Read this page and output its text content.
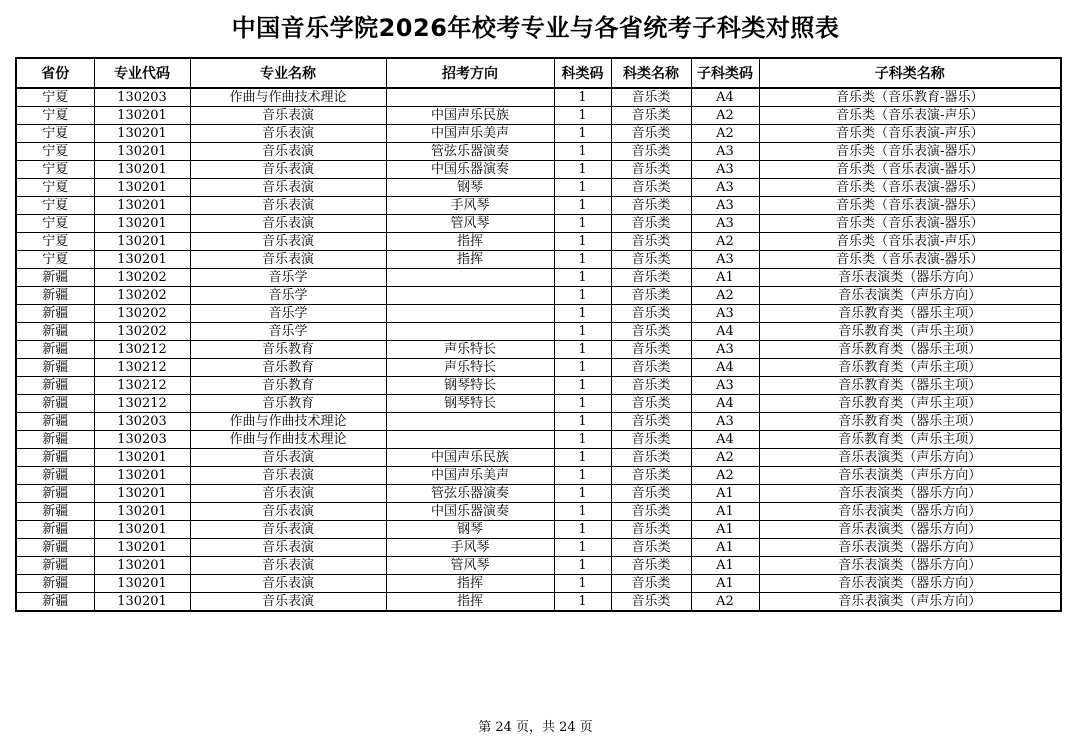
中国音乐学院2026年校考专业与各省统考子科类对照表
省份	专业代码	专业名称	招考方向	科类码	科类名称	子科类码	子科类名称
宁夏	130203	作曲与作曲技术理论		1	音乐类	A4	音乐类（音乐教育-器乐）
宁夏	130201	音乐表演	中国声乐民族	1	音乐类	A2	音乐类（音乐表演-声乐）
宁夏	130201	音乐表演	中国声乐美声	1	音乐类	A2	音乐类（音乐表演-声乐）
宁夏	130201	音乐表演	管弦乐器演奏	1	音乐类	A3	音乐类（音乐表演-器乐）
宁夏	130201	音乐表演	中国乐器演奏	1	音乐类	A3	音乐类（音乐表演-器乐）
宁夏	130201	音乐表演	钢琴	1	音乐类	A3	音乐类（音乐表演-器乐）
宁夏	130201	音乐表演	手风琴	1	音乐类	A3	音乐类（音乐表演-器乐）
宁夏	130201	音乐表演	管风琴	1	音乐类	A3	音乐类（音乐表演-器乐）
宁夏	130201	音乐表演	指挥	1	音乐类	A2	音乐类（音乐表演-声乐）
宁夏	130201	音乐表演	指挥	1	音乐类	A3	音乐类（音乐表演-器乐）
新疆	130202	音乐学		1	音乐类	A1	音乐表演类（器乐方向）
新疆	130202	音乐学		1	音乐类	A2	音乐表演类（声乐方向）
新疆	130202	音乐学		1	音乐类	A3	音乐教育类（器乐主项）
新疆	130202	音乐学		1	音乐类	A4	音乐教育类（声乐主项）
新疆	130212	音乐教育	声乐特长	1	音乐类	A3	音乐教育类（器乐主项）
新疆	130212	音乐教育	声乐特长	1	音乐类	A4	音乐教育类（声乐主项）
新疆	130212	音乐教育	钢琴特长	1	音乐类	A3	音乐教育类（器乐主项）
新疆	130212	音乐教育	钢琴特长	1	音乐类	A4	音乐教育类（声乐主项）
新疆	130203	作曲与作曲技术理论		1	音乐类	A3	音乐教育类（器乐主项）
新疆	130203	作曲与作曲技术理论		1	音乐类	A4	音乐教育类（声乐主项）
新疆	130201	音乐表演	中国声乐民族	1	音乐类	A2	音乐表演类（声乐方向）
新疆	130201	音乐表演	中国声乐美声	1	音乐类	A2	音乐表演类（声乐方向）
新疆	130201	音乐表演	管弦乐器演奏	1	音乐类	A1	音乐表演类（器乐方向）
新疆	130201	音乐表演	中国乐器演奏	1	音乐类	A1	音乐表演类（器乐方向）
新疆	130201	音乐表演	钢琴	1	音乐类	A1	音乐表演类（器乐方向）
新疆	130201	音乐表演	手风琴	1	音乐类	A1	音乐表演类（器乐方向）
新疆	130201	音乐表演	管风琴	1	音乐类	A1	音乐表演类（器乐方向）
新疆	130201	音乐表演	指挥	1	音乐类	A1	音乐表演类（器乐方向）
新疆	130201	音乐表演	指挥	1	音乐类	A2	音乐表演类（声乐方向）
第 24 页，共 24 页
